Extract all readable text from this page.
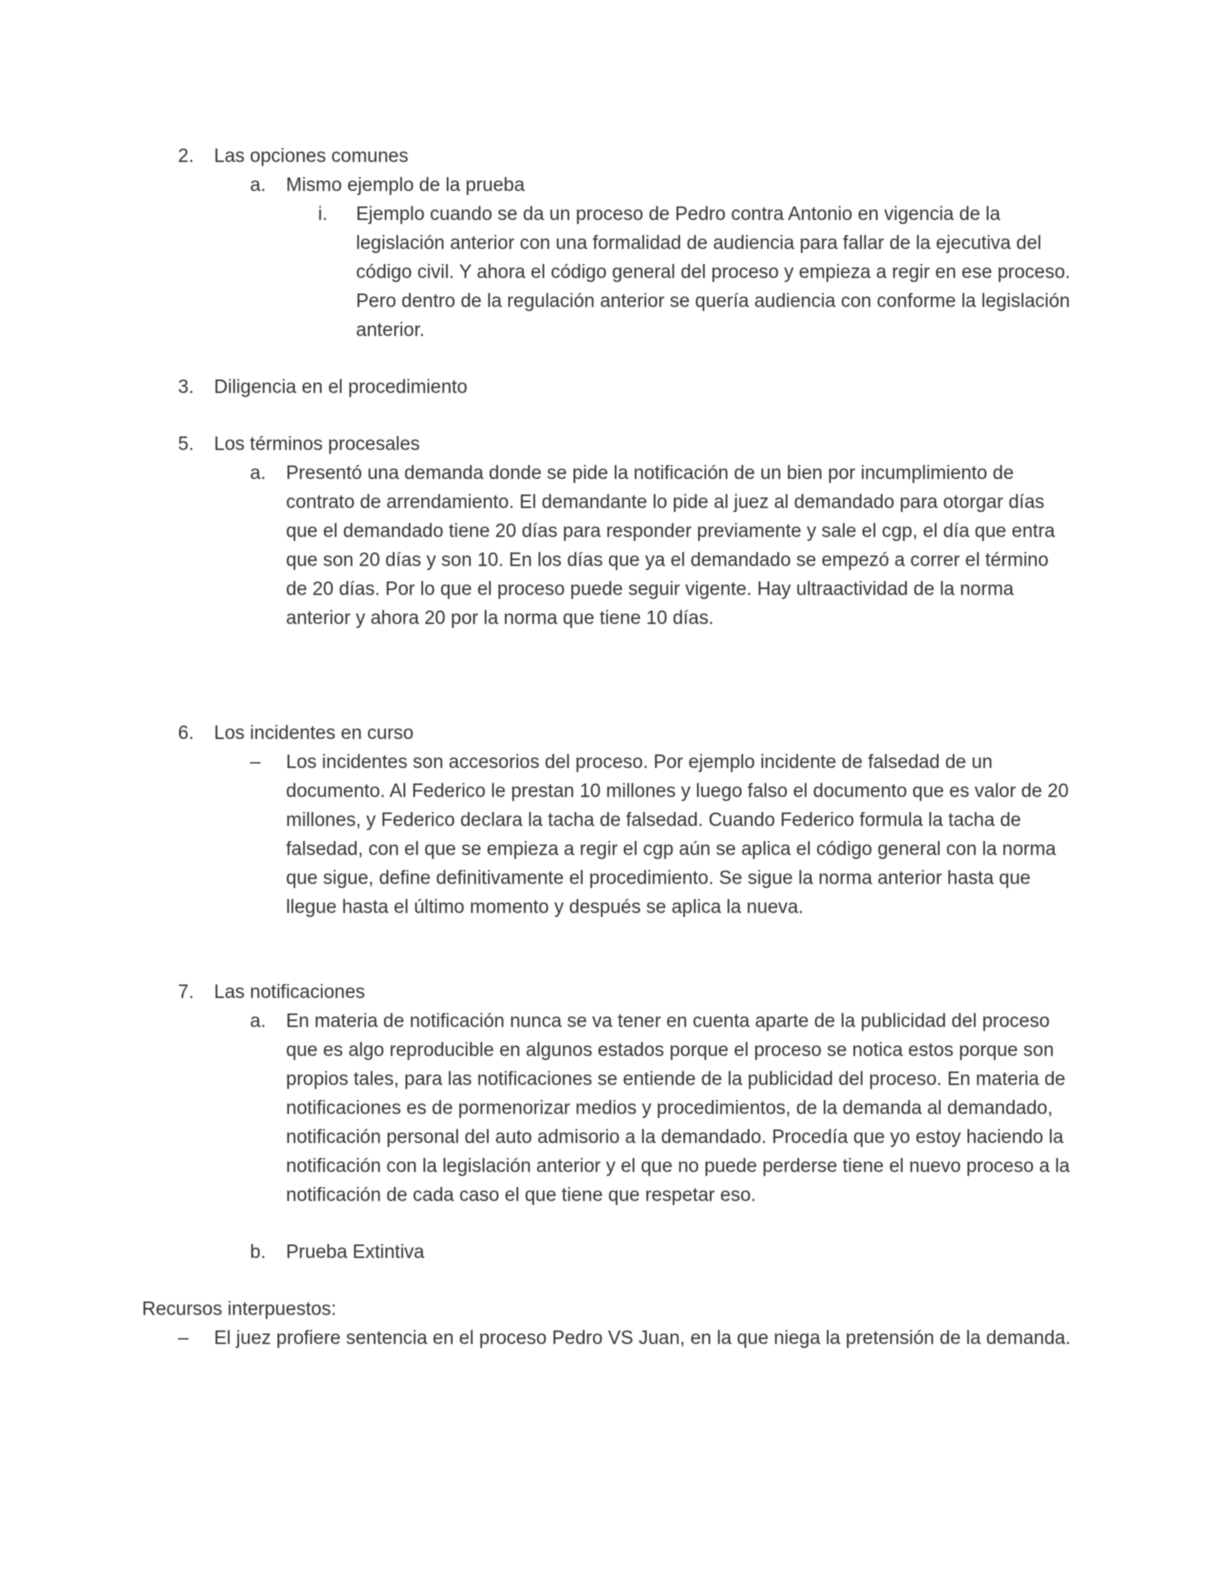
2. Las opciones comunes
a. Mismo ejemplo de la prueba
i. Ejemplo cuando se da un proceso de Pedro contra Antonio en vigencia de la legislación anterior con una formalidad de audiencia para fallar de la ejecutiva del código civil. Y ahora el código general del proceso y empieza a regir en ese proceso. Pero dentro de la regulación anterior se quería audiencia con conforme la legislación anterior.
3. Diligencia en el procedimiento
5. Los términos procesales
a. Presentó una demanda donde se pide la notificación de un bien por incumplimiento de contrato de arrendamiento. El demandante lo pide al juez al demandado para otorgar días que el demandado tiene 20 días para responder previamente y sale el cgp, el día que entra que son 20 días y son 10. En los días que ya el demandado se empezó a correr el término de 20 días. Por lo que el proceso puede seguir vigente. Hay ultraactividad de la norma anterior y ahora 20 por la norma que tiene 10 días.
6. Los incidentes en curso
– Los incidentes son accesorios del proceso. Por ejemplo incidente de falsedad de un documento. Al Federico le prestan 10 millones y luego falso el documento que es valor de 20 millones, y Federico declara la tacha de falsedad. Cuando Federico formula la tacha de falsedad, con el que se empieza a regir el cgp aún se aplica el código general con la norma que sigue, define definitivamente el procedimiento. Se sigue la norma anterior hasta que llegue hasta el último momento y después se aplica la nueva.
7. Las notificaciones
a. En materia de notificación nunca se va tener en cuenta aparte de la publicidad del proceso que es algo reproducible en algunos estados porque el proceso se notica estos porque son propios tales, para las notificaciones se entiende de la publicidad del proceso. En materia de notificaciones es de pormenorizar medios y procedimientos, de la demanda al demandado, notificación personal del auto admisorio a la demandado. Procedía que yo estoy haciendo la notificación con la legislación anterior y el que no puede perderse tiene el nuevo proceso a la notificación de cada caso el que tiene que respetar eso.
b. Prueba Extintiva
Recursos interpuestos:
– El juez profiere sentencia en el proceso Pedro VS Juan, en la que niega la pretensión de la demanda.
